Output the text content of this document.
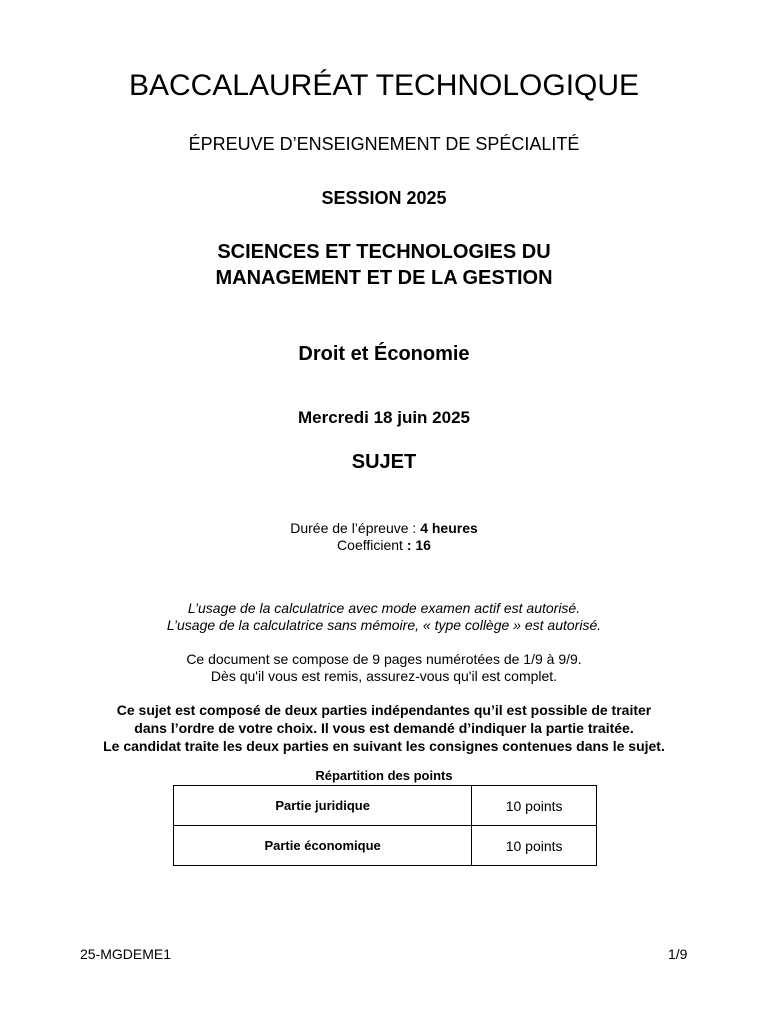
BACCALAURÉAT TECHNOLOGIQUE
ÉPREUVE D’ENSEIGNEMENT DE SPÉCIALITÉ
SESSION 2025
SCIENCES ET TECHNOLOGIES DU
MANAGEMENT ET DE LA GESTION
Droit et Économie
Mercredi 18 juin 2025
SUJET
Durée de l’épreuve : 4 heures
Coefficient : 16
L’usage de la calculatrice avec mode examen actif est autorisé.
L’usage de la calculatrice sans mémoire, « type collège » est autorisé.
Ce document se compose de 9 pages numérotées de 1/9 à 9/9.
Dès qu'il vous est remis, assurez-vous qu'il est complet.
Ce sujet est composé de deux parties indépendantes qu’il est possible de traiter
dans l’ordre de votre choix. Il vous est demandé d’indiquer la partie traitée.
Le candidat traite les deux parties en suivant les consignes contenues dans le sujet.
Répartition des points
Partie juridique	10 points
Partie économique	10 points
25-MGDEME1	1/9
